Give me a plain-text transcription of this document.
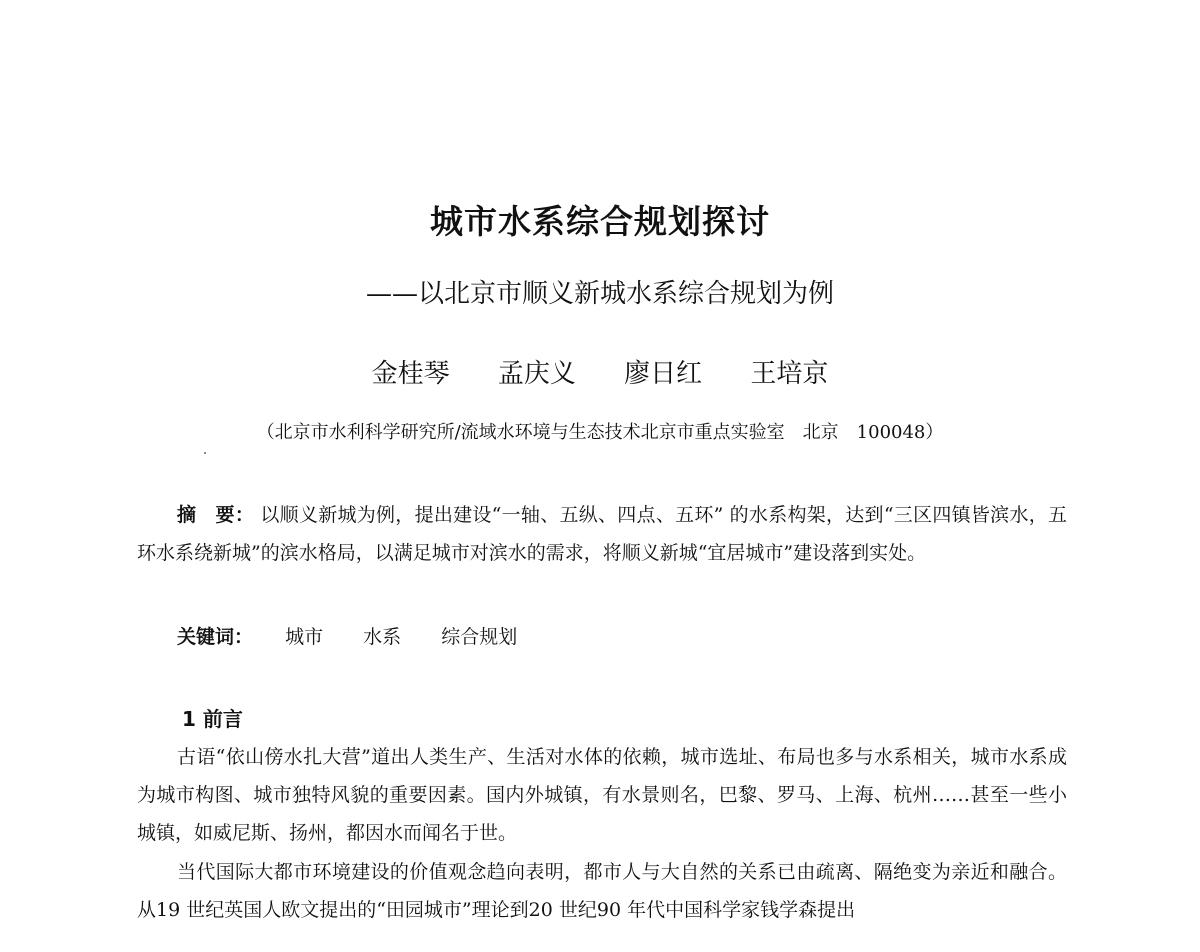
城市水系综合规划探讨
——以北京市顺义新城水系综合规划为例
金桂琴 孟庆义 廖日红 王培京
（北京市水利科学研究所/流域水环境与生态技术北京市重点实验室　北京　100048）
摘　要： 以顺义新城为例，提出建设“一轴、五纵、四点、五环” 的水系构架，达到“三区四镇皆滨水，五环水系绕新城”的滨水格局，以满足城市对滨水的需求，将顺义新城“宜居城市”建设落到实处。
关键词： 城市 水系 综合规划
1 前言
古语“依山傍水扎大营”道出人类生产、生活对水体的依赖，城市选址、布局也多与水系相关，城市水系成为城市构图、城市独特风貌的重要因素。国内外城镇，有水景则名，巴黎、罗马、上海、杭州……甚至一些小城镇，如威尼斯、扬州，都因水而闻名于世。
当代国际大都市环境建设的价值观念趋向表明，都市人与大自然的关系已由疏离、隔绝变为亲近和融合。从19 世纪英国人欧文提出的“田园城市”理论到20 世纪90 年代中国科学家钱学森提出
